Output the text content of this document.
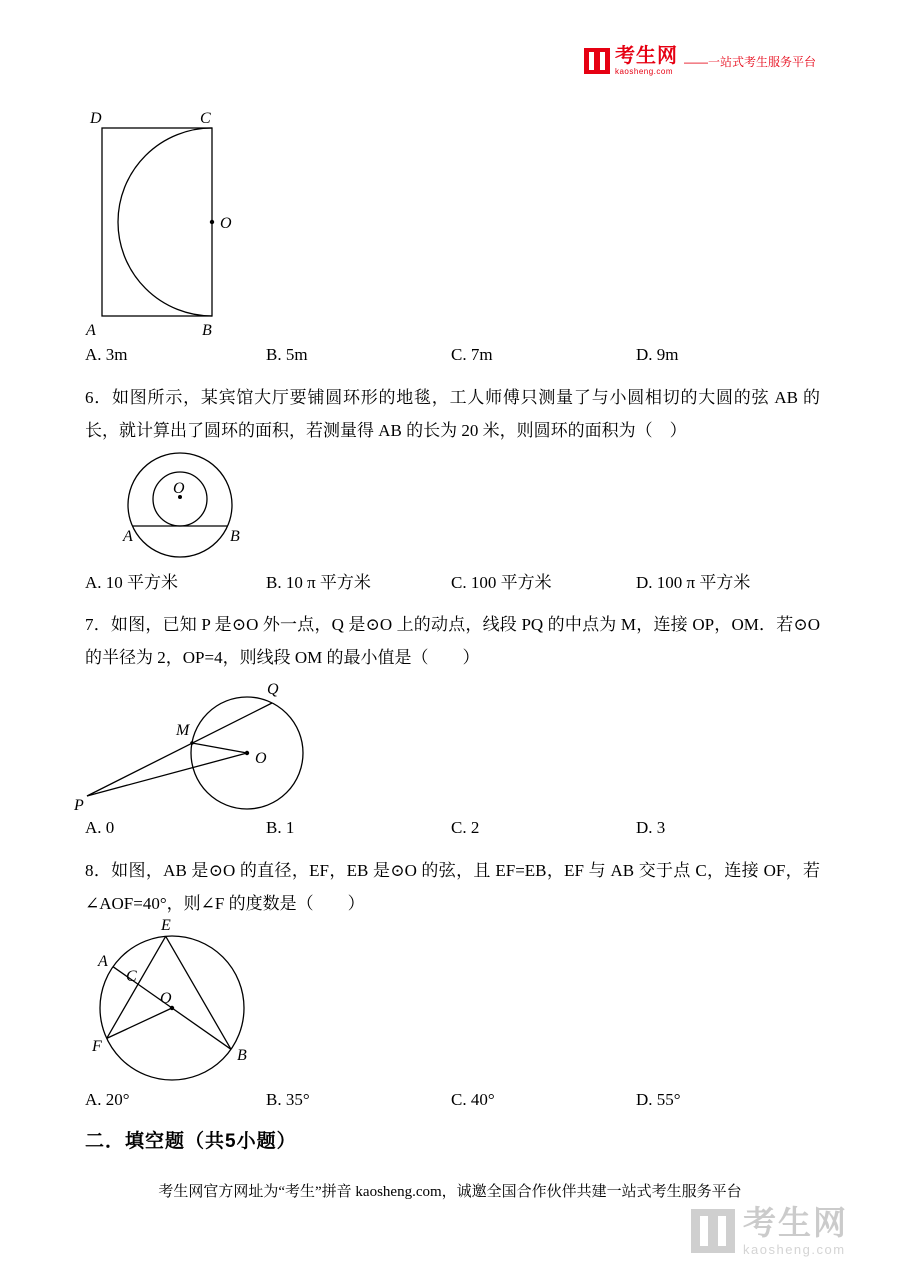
考生网
kaosheng.com
——一站式考生服务平台
D	C
A	B
O
A. 3m	B. 5m	C. 7m	D. 9m
6．如图所示，某宾馆大厅要铺圆环形的地毯，工人师傅只测量了与小圆相切的大圆的弦 AB 的长，就计算出了圆环的面积，若测量得 AB 的长为 20 米，则圆环的面积为（　）
O
A	B
A. 10 平方米	B. 10 π 平方米	C. 100 平方米	D. 100 π 平方米
7．如图，已知 P 是⊙O 外一点，Q 是⊙O 上的动点，线段 PQ 的中点为 M，连接 OP，OM．若⊙O 的半径为 2，OP=4，则线段 OM 的最小值是（　　）
Q
M
P
O
A. 0	B. 1	C. 2	D. 3
8．如图，AB 是⊙O 的直径，EF，EB 是⊙O 的弦，且 EF=EB，EF 与 AB 交于点 C，连接 OF，若∠AOF=40°，则∠F 的度数是（　　）
E
A
C
O
F
B
A. 20°	B. 35°	C. 40°	D. 55°
二．填空题（共5小题）
考生网官方网址为“考生”拼音 kaosheng.com，诚邀全国合作伙伴共建一站式考生服务平台
考生网
kaosheng.com
